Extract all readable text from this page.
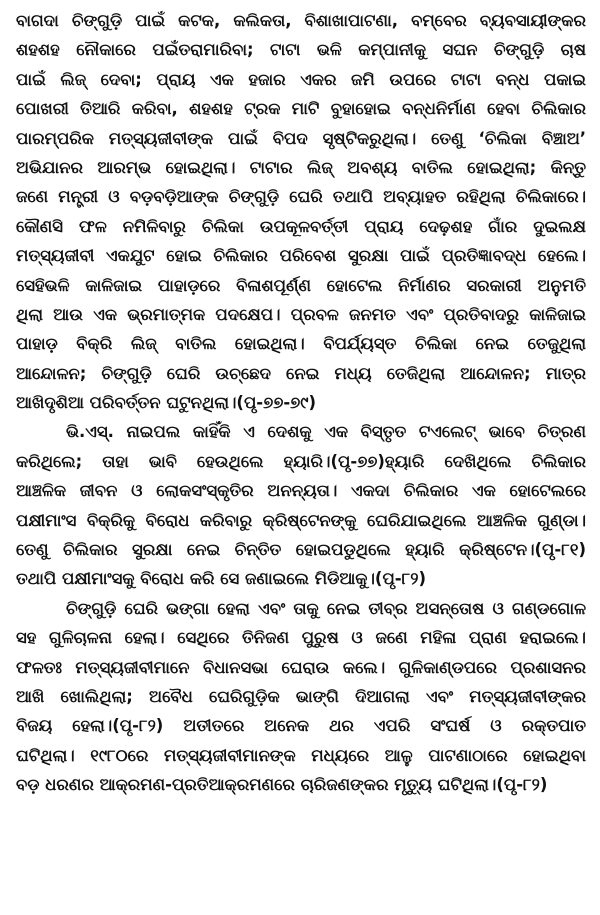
ବାଗଦା ଚିଙ୍ଗୁଡ଼ି ପାଇଁ କଟକ, କଲିକତା, ବିଶାଖାପାଟଣା, ବମ୍ବେର ବ୍ୟବସାୟୀଙ୍କର
ଶହଶହ ନୌକାରେ ପଇଁତରାମାରିବା; ଟାଟା ଭଳି କମ୍ପାନୀକୁ ସଘନ ଚିଙ୍ଗୁଡ଼ି ଚାଷ
ପାଇଁ ଲିଜ୍ ଦେବା; ପ୍ରାୟ ଏକ ହଜାର ଏକର ଜମି ଉପରେ ଟାଟା ବନ୍ଧ ପକାଇ
ପୋଖରୀ ତିଆରି କରିବା, ଶହଶହ ଟ୍ରକ ମାଟି ବୁହାହୋଇ ବନ୍ଧନିର୍ମାଣ ହେବା ଚିଲିକାର
ପାରମ୍ପରିକ ମତ୍ସ୍ୟଜୀବୀଙ୍କ ପାଇଁ ବିପଦ ସୃଷ୍ଟିକରୁଥିଲା। ତେଣୁ ‘ଚିଲିକା ବିଞ୍ଚାଅ’
ଅଭିଯାନର ଆରମ୍ଭ ହୋଇଥିଲା। ଟାଟାର ଲିଜ୍ ଅବଶ୍ୟ ବାତିଲ ହୋଇଥିଲା; କିନ୍ତୁ
ଜଣେ ମନ୍ତ୍ରୀ ଓ ବଡ଼ବଡ଼ିଆଙ୍କ ଚିଙ୍ଗୁଡ଼ି ଘେରି ତଥାପି ଅବ୍ୟାହତ ରହିଥିଲା ଚିଲିକାରେ।
କୌଣସି ଫଳ ନମିଳିବାରୁ ଚିଲିକା ଉପକୂଳବର୍ତ୍ତୀ ପ୍ରାୟ ଦେଢ଼ଶହ ଗାଁର ଦୁଇଲକ୍ଷ
ମତ୍ସ୍ୟଜୀବୀ ଏକଯୁଟ ହୋଇ ଚିଲିକାର ପରିବେଶ ସୁରକ୍ଷା ପାଇଁ ପ୍ରତିଜ୍ଞାବଦ୍ଧ ହେଲେ।
ସେହିଭଳି କାଳିଜାଇ ପାହାଡ଼ରେ ବିଳାଶପୂର୍ଣ୍ଣ ହୋଟେଲ ନିର୍ମାଣର ସରକାରୀ ଅନୁମତି
ଥିଲା ଆଉ ଏକ ଭ୍ରମାତ୍ମକ ପଦକ୍ଷେପ। ପ୍ରବଳ ଜନମତ ଏବଂ ପ୍ରତିବାଦରୁ କାଳିଜାଇ
ପାହାଡ଼ ବିକ୍ରି ଲିଜ୍ ବାତିଲ ହୋଇଥିଲା। ବିପର୍ଯ୍ୟସ୍ତ ଚିଲିକା ନେଇ ତେଜୁଥିଲା
ଆନ୍ଦୋଳନ; ଚିଙ୍ଗୁଡ଼ି ଘେରି ଉଚ୍ଛେଦ ନେଇ ମଧ୍ୟ ତେଜିଥିଲା ଆନ୍ଦୋଳନ; ମାତ୍ର
ଆଖିଦୃଶିଆ ପରିବର୍ତ୍ତନ ଘଟୁନଥିଲା।(ପୃ-୭୭-୭୯)
ଭି.ଏସ୍. ନାଇପଲ କାହିଁକି ଏ ଦେଶକୁ ଏକ ବିସ୍ତୃତ ଟଏଲେଟ୍ ଭାବେ ଚିତ୍ରଣ
କରିଥିଲେ; ତାହା ଭାବି ହେଉଥିଲେ ହ୍ୟାରି।(ପୃ-୭୭)ହ୍ୟାରି ଦେଖିଥିଲେ ଚିଲିକାର
ଆଞ୍ଚଳିକ ଜୀବନ ଓ ଲୋକସଂସ୍କୃତିର ଅନନ୍ୟତା। ଏକଦା ଚିଲିକାର ଏକ ହୋଟେଲରେ
ପକ୍ଷୀମାଂସ ବିକ୍ରିକୁ ବିରୋଧ କରିବାରୁ କ୍ରିଷ୍ଟେନଙ୍କୁ ଘେରିଯାଇଥିଲେ ଆଞ୍ଚଳିକ ଗୁଣ୍ଡା।
ତେଣୁ ଚିଲିକାର ସୁରକ୍ଷା ନେଇ ଚିନ୍ତିତ ହୋଇପଡୁଥିଲେ ହ୍ୟାରି କ୍ରିଷ୍ଟେନ।(ପୃ-୮୧)
ତଥାପି ପକ୍ଷୀମାଂସକୁ ବିରୋଧ କରି ସେ ଜଣାଇଲେ ମିଡିଆକୁ।(ପୃ-୮୨)
ଚିଙ୍ଗୁଡ଼ି ଘେରି ଭଙ୍ଗା ହେଲା ଏବଂ ତାକୁ ନେଇ ତୀବ୍ର ଅସନ୍ତୋଷ ଓ ଗଣ୍ଡଗୋଳ
ସହ ଗୁଳିଚାଳନା ହେଲା। ସେଥିରେ ତିନିଜଣ ପୁରୁଷ ଓ ଜଣେ ମହିଳା ପ୍ରାଣ ହରାଇଲେ।
ଫଳତଃ ମତ୍ସ୍ୟଜୀବୀମାନେ ବିଧାନସଭା ଘେରାଉ କଲେ। ଗୁଳିକାଣ୍ଡପରେ ପ୍ରଶାସନର
ଆଖି ଖୋଲିଥିଲା; ଅବୈଧ ଘେରିଗୁଡ଼ିକ ଭାଙ୍ଗି ଦିଆଗଲା ଏବଂ ମତ୍ସ୍ୟଜୀବୀଙ୍କର
ବିଜୟ ହେଲା।(ପୃ-୮୨) ଅତୀତରେ ଅନେକ ଥର ଏପରି ସଂଘର୍ଷ ଓ ରକ୍ତପାତ
ଘଟିଥିଲା। ୧୯୮୦ରେ ମତ୍ସ୍ୟଜୀବୀମାନଙ୍କ ମଧ୍ୟରେ ଆଳୁ ପାଟଣାଠାରେ ହୋଇଥିବା
ବଡ଼ ଧରଣର ଆକ୍ରମଣ-ପ୍ରତିଆକ୍ରମଣରେ ଚାରିଜଣଙ୍କର ମୃତ୍ୟୁ ଘଟିଥିଲା।(ପୃ-୮୨)
